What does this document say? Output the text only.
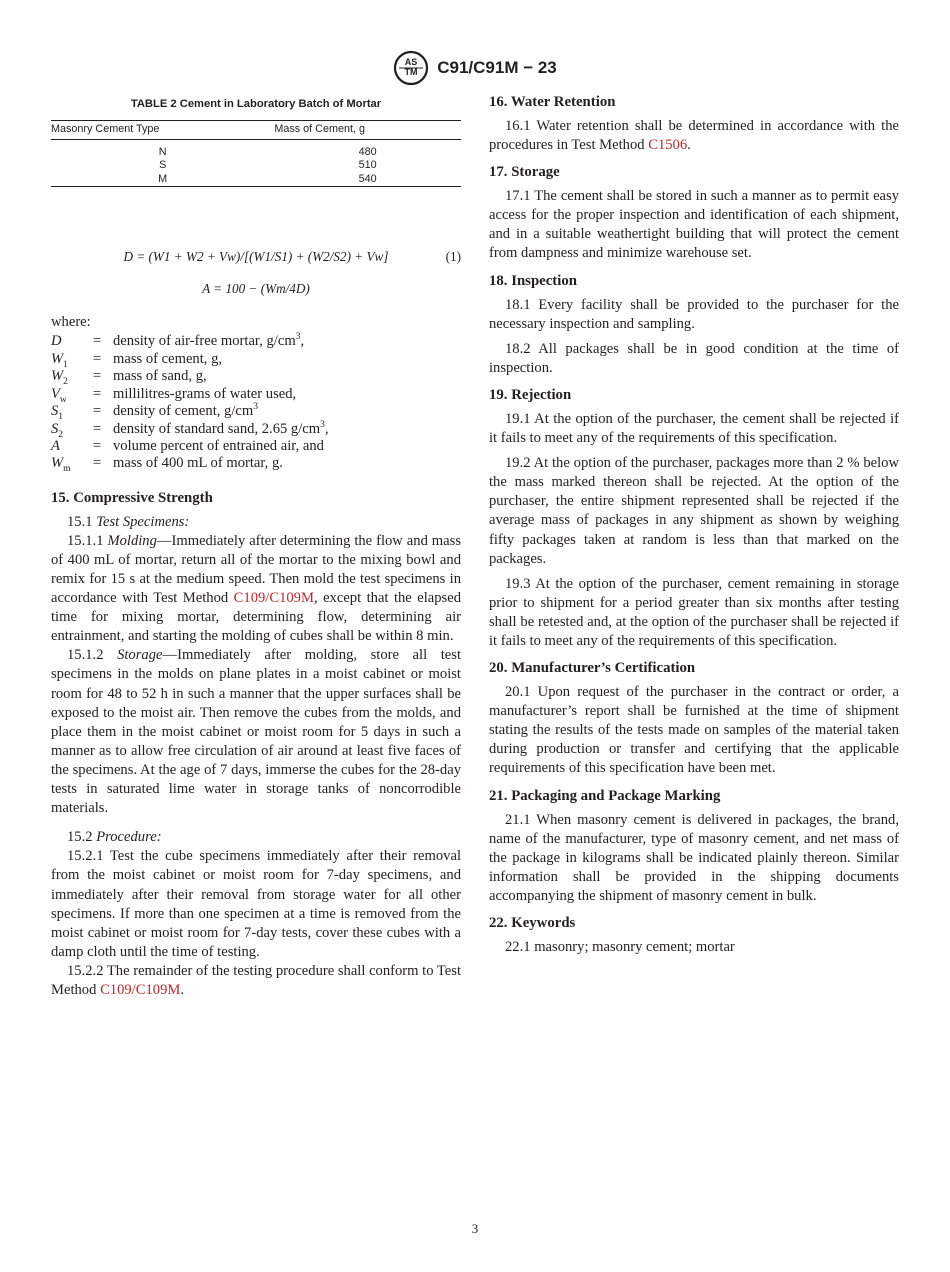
AS
TM C91/C91M − 23
TABLE 2 Cement in Laboratory Batch of Mortar
Masonry Cement Type	Mass of Cement, g

N	480
S	510
M	540
D = (W1 + W2 + Vw)/[(W1/S1) + (W2/S2) + Vw]	(1)
A = 100 − (Wm/4D)

where:

D	=	density of air-free mortar, $g/cm^3$,
$W_1$	=	mass of cement, g,
$W_2$	=	mass of sand, g,
$V_w$	=	millilitres-grams of water used,
$S_1$	=	density of cement, $g/cm^3$
$S_2$	=	density of standard sand, 2.65 $g/cm^3$,
A	=	volume percent of entrained air, and
$W_m$	=	mass of 400 mL of mortar, g.
15. Compressive Strength

15.1 Test Specimens:

15.1.1 Molding—Immediately after determining the flow and mass of 400 mL of mortar, return all of the mortar to the mixing bowl and remix for 15 s at the medium speed. Then mold the test specimens in accordance with Test Method C109/C109M, except that the elapsed time for mixing mortar, determining flow, determining air entrainment, and starting the molding of cubes shall be within 8 min.

15.1.2 Storage—Immediately after molding, store all test specimens in the molds on plane plates in a moist cabinet or moist room for 48 to 52 h in such a manner that the upper surfaces shall be exposed to the moist air. Then remove the cubes from the molds, and place them in the moist cabinet or moist room for 5 days in such a manner as to allow free circulation of air around at least five faces of the specimens. At the age of 7 days, immerse the cubes for the 28-day tests in saturated lime water in storage tanks of noncorrodible materials.

15.2 Procedure:

15.2.1 Test the cube specimens immediately after their removal from the moist cabinet or moist room for 7-day specimens, and immediately after their removal from storage water for all other specimens. If more than one specimen at a time is removed from the moist cabinet or moist room for 7-day tests, cover these cubes with a damp cloth until the time of testing.

15.2.2 The remainder of the testing procedure shall conform to Test Method C109/C109M.

16. Water Retention

16.1 Water retention shall be determined in accordance with the procedures in Test Method C1506.

17. Storage

17.1 The cement shall be stored in such a manner as to permit easy access for the proper inspection and identification of each shipment, and in a suitable weathertight building that will protect the cement from dampness and minimize warehouse set.

18. Inspection

18.1 Every facility shall be provided to the purchaser for the necessary inspection and sampling.

18.2 All packages shall be in good condition at the time of inspection.

19. Rejection

19.1 At the option of the purchaser, the cement shall be rejected if it fails to meet any of the requirements of this specification.

19.2 At the option of the purchaser, packages more than 2 % below the mass marked thereon shall be rejected. At the option of the purchaser, the entire shipment represented shall be rejected if the average mass of packages in any shipment as shown by weighing fifty packages taken at random is less than that marked on the packages.

19.3 At the option of the purchaser, cement remaining in storage prior to shipment for a period greater than six months after testing shall be retested and, at the option of the purchaser shall be rejected if it fails to meet any of the requirements of this specification.

20. Manufacturer’s Certification

20.1 Upon request of the purchaser in the contract or order, a manufacturer’s report shall be furnished at the time of shipment stating the results of the tests made on samples of the material taken during production or transfer and certifying that the applicable requirements of this specification have been met.

21. Packaging and Package Marking

21.1 When masonry cement is delivered in packages, the brand, name of the manufacturer, type of masonry cement, and net mass of the package in kilograms shall be indicated plainly thereon. Similar information shall be provided in the shipping documents accompanying the shipment of masonry cement in bulk.

22. Keywords

22.1 masonry; masonry cement; mortar

3
